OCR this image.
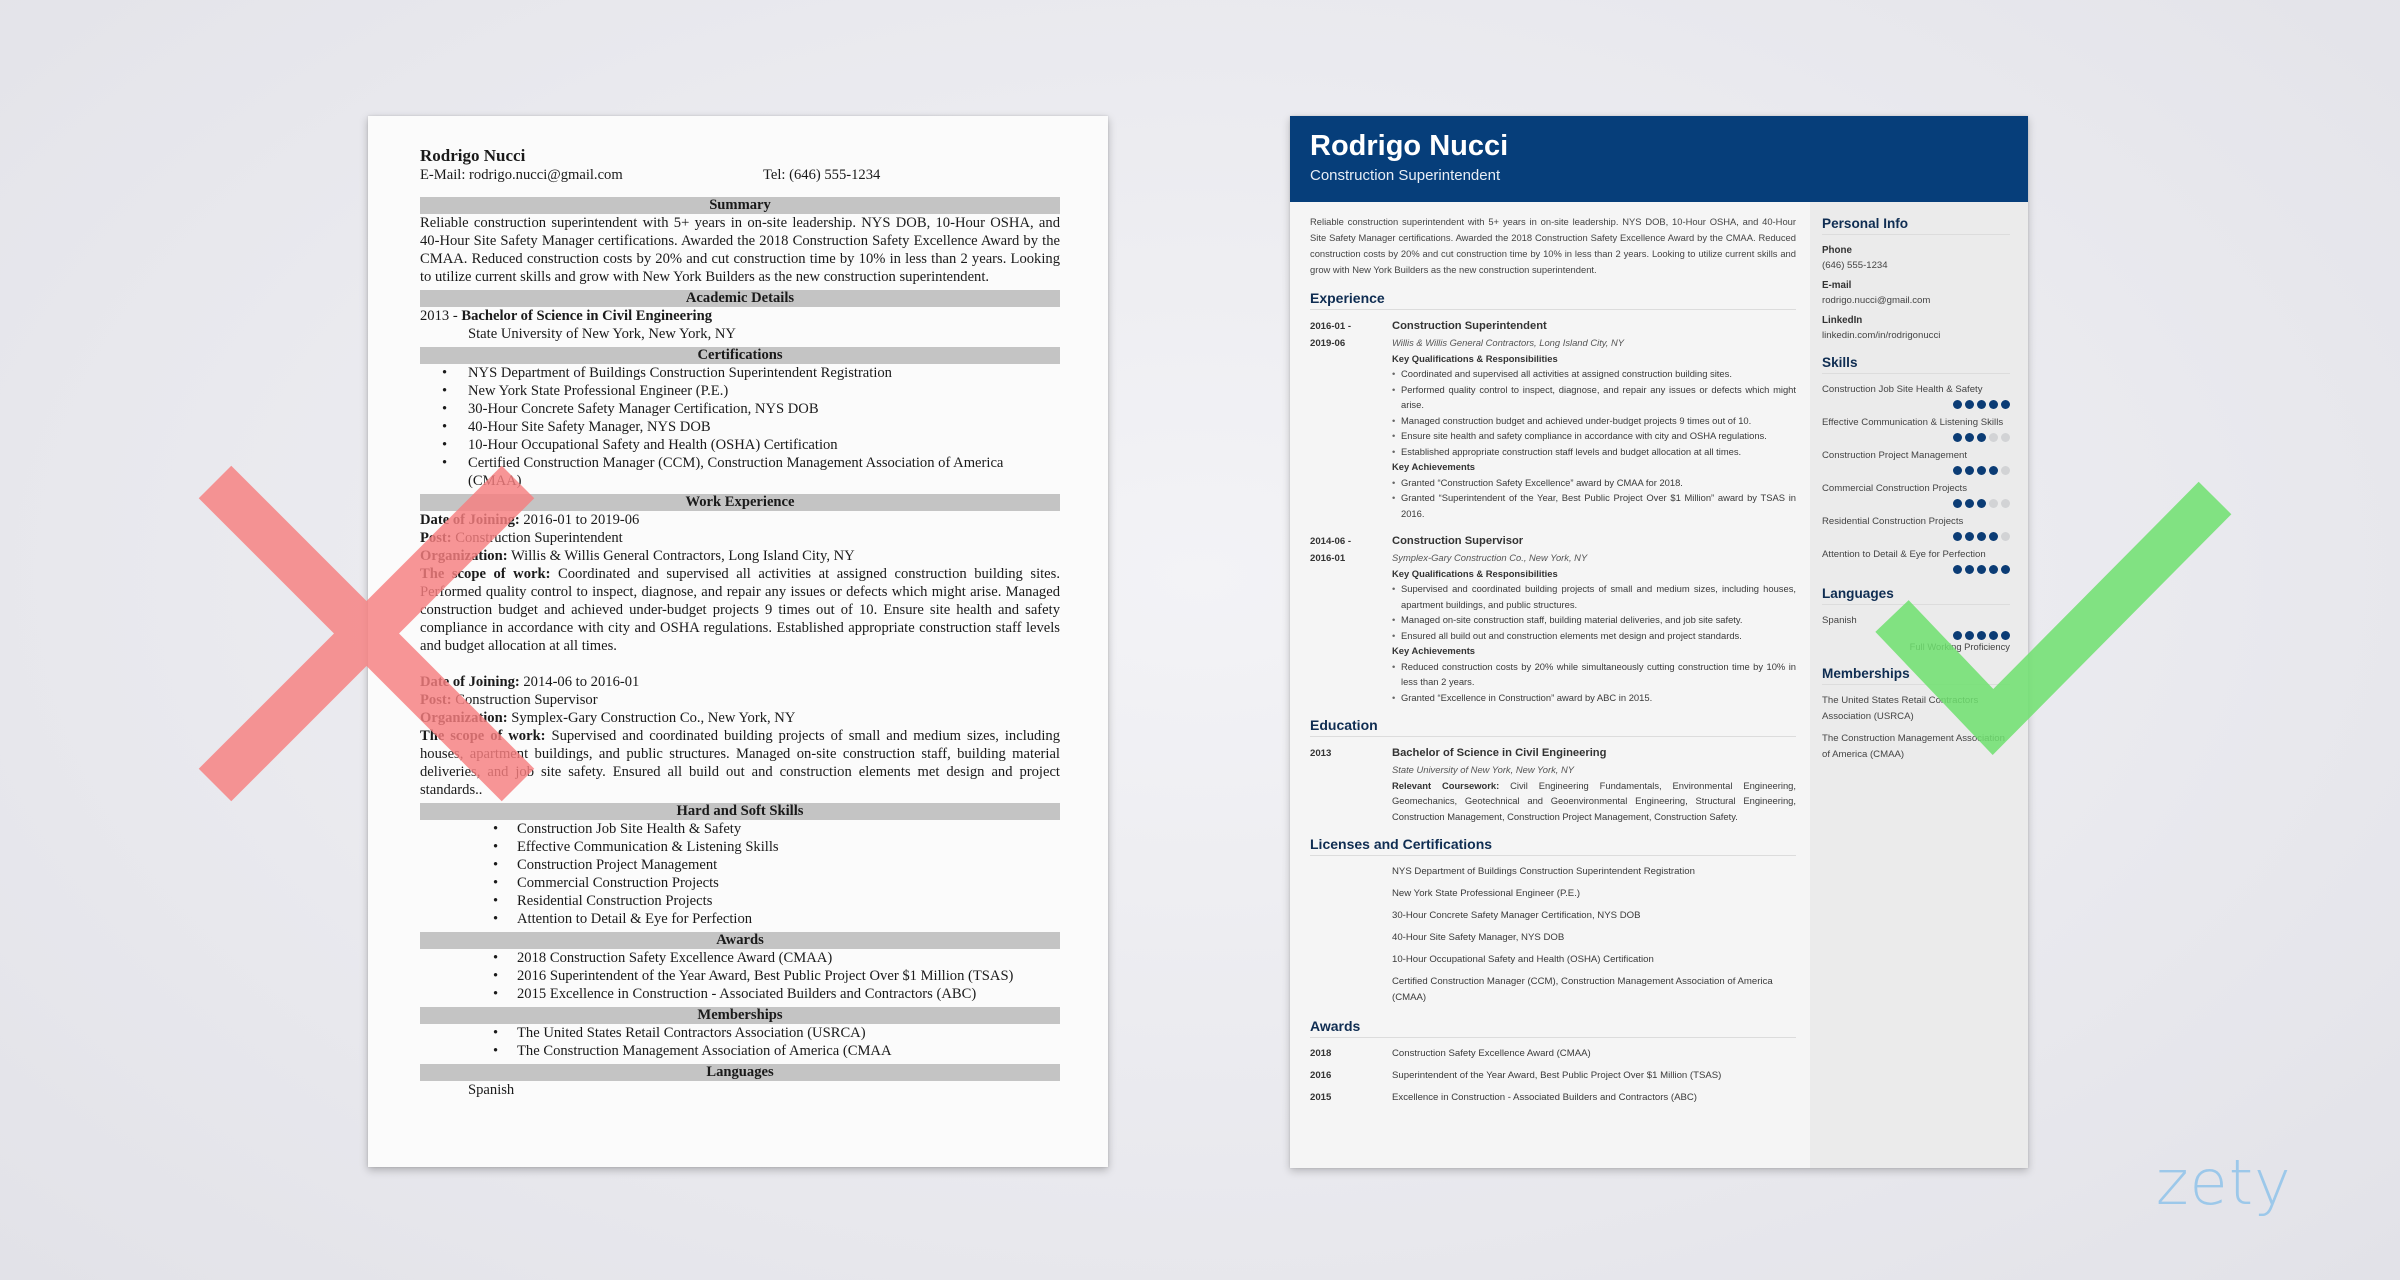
Rodrigo Nucci
E-Mail: rodrigo.nucci@gmail.com	Tel: (646) 555-1234
Summary

Reliable construction superintendent with 5+ years in on-site leadership. NYS DOB, 10-Hour OSHA, and 40-Hour Site Safety Manager certifications. Awarded the 2018 Construction Safety Excellence Award by the CMAA. Reduced construction costs by 20% and cut construction time by 10% in less than 2 years. Looking to utilize current skills and grow with New York Builders as the new construction superintendent.

Academic Details
2013 - Bachelor of Science in Civil Engineering
State University of New York, New York, NY
Certifications
• NYS Department of Buildings Construction Superintendent Registration
• New York State Professional Engineer (P.E.)
• 30-Hour Concrete Safety Manager Certification, NYS DOB
• 40-Hour Site Safety Manager, NYS DOB
• 10-Hour Occupational Safety and Health (OSHA) Certification
• Certified Construction Manager (CCM), Construction Management Association of America (CMAA)
Work Experience
Date of Joining: 2016-01 to 2019-06
Post: Construction Superintendent
Organization: Willis & Willis General Contractors, Long Island City, NY

The scope of work: Coordinated and supervised all activities at assigned construction building sites. Performed quality control to inspect, diagnose, and repair any issues or defects which might arise. Managed construction budget and achieved under-budget projects 9 times out of 10. Ensure site health and safety compliance in accordance with city and OSHA regulations. Established appropriate construction staff levels and budget allocation at all times.

Date of Joining: 2014-06 to 2016-01
Post: Construction Supervisor
Organization: Symplex-Gary Construction Co., New York, NY

The scope of work: Supervised and coordinated building projects of small and medium sizes, including houses, apartment buildings, and public structures. Managed on-site construction staff, building material deliveries, and job site safety. Ensured all build out and construction elements met design and project standards..

Hard and Soft Skills
• Construction Job Site Health & Safety
• Effective Communication & Listening Skills
• Construction Project Management
• Commercial Construction Projects
• Residential Construction Projects
• Attention to Detail & Eye for Perfection
Awards
• 2018 Construction Safety Excellence Award (CMAA)
• 2016 Superintendent of the Year Award, Best Public Project Over $1 Million (TSAS)
• 2015 Excellence in Construction - Associated Builders and Contractors (ABC)
Memberships
• The United States Retail Contractors Association (USRCA)
• The Construction Management Association of America (CMAA
Languages
Spanish
Rodrigo Nucci
Construction Superintendent

Reliable construction superintendent with 5+ years in on-site leadership. NYS DOB, 10-Hour OSHA, and 40-Hour Site Safety Manager certifications. Awarded the 2018 Construction Safety Excellence Award by the CMAA. Reduced construction costs by 20% and cut construction time by 10% in less than 2 years. Looking to utilize current skills and grow with New York Builders as the new construction superintendent.

Experience
2016-01 -
2019-06
Construction Superintendent
Willis & Willis General Contractors, Long Island City, NY
Key Qualifications & Responsibilities
• Coordinated and supervised all activities at assigned construction building sites.
• Performed quality control to inspect, diagnose, and repair any issues or defects which might arise.
• Managed construction budget and achieved under-budget projects 9 times out of 10.
• Ensure site health and safety compliance in accordance with city and OSHA regulations.
• Established appropriate construction staff levels and budget allocation at all times.
Key Achievements
• Granted “Construction Safety Excellence” award by CMAA for 2018.
• Granted “Superintendent of the Year, Best Public Project Over $1 Million” award by TSAS in 2016.
2014-06 -
2016-01
Construction Supervisor
Symplex-Gary Construction Co., New York, NY
Key Qualifications & Responsibilities
• Supervised and coordinated building projects of small and medium sizes, including houses, apartment buildings, and public structures.
• Managed on-site construction staff, building material deliveries, and job site safety.
• Ensured all build out and construction elements met design and project standards.
Key Achievements
• Reduced construction costs by 20% while simultaneously cutting construction time by 10% in less than 2 years.
• Granted “Excellence in Construction” award by ABC in 2015.
Education
2013	Bachelor of Science in Civil Engineering
State University of New York, New York, NY
Relevant Coursework: Civil Engineering Fundamentals, Environmental Engineering, Geomechanics, Geotechnical and Geoenvironmental Engineering, Structural Engineering, Construction Management, Construction Project Management, Construction Safety.
Licenses and Certifications
NYS Department of Buildings Construction Superintendent Registration
New York State Professional Engineer (P.E.)
30-Hour Concrete Safety Manager Certification, NYS DOB
40-Hour Site Safety Manager, NYS DOB
10-Hour Occupational Safety and Health (OSHA) Certification
Certified Construction Manager (CCM), Construction Management Association of America (CMAA)
Awards
2018	Construction Safety Excellence Award (CMAA)
2016	Superintendent of the Year Award, Best Public Project Over $1 Million (TSAS)
2015	Excellence in Construction - Associated Builders and Contractors (ABC)
Personal Info
Phone
(646) 555-1234
E-mail
rodrigo.nucci@gmail.com
LinkedIn
linkedin.com/in/rodrigonucci
Skills
Construction Job Site Health & Safety
Effective Communication & Listening Skills
Construction Project Management
Commercial Construction Projects
Residential Construction Projects
Attention to Detail & Eye for Perfection
Languages
Spanish
Full Working Proficiency
Memberships
The United States Retail Contractors Association (USRCA)
The Construction Management Association of America (CMAA)
zety
